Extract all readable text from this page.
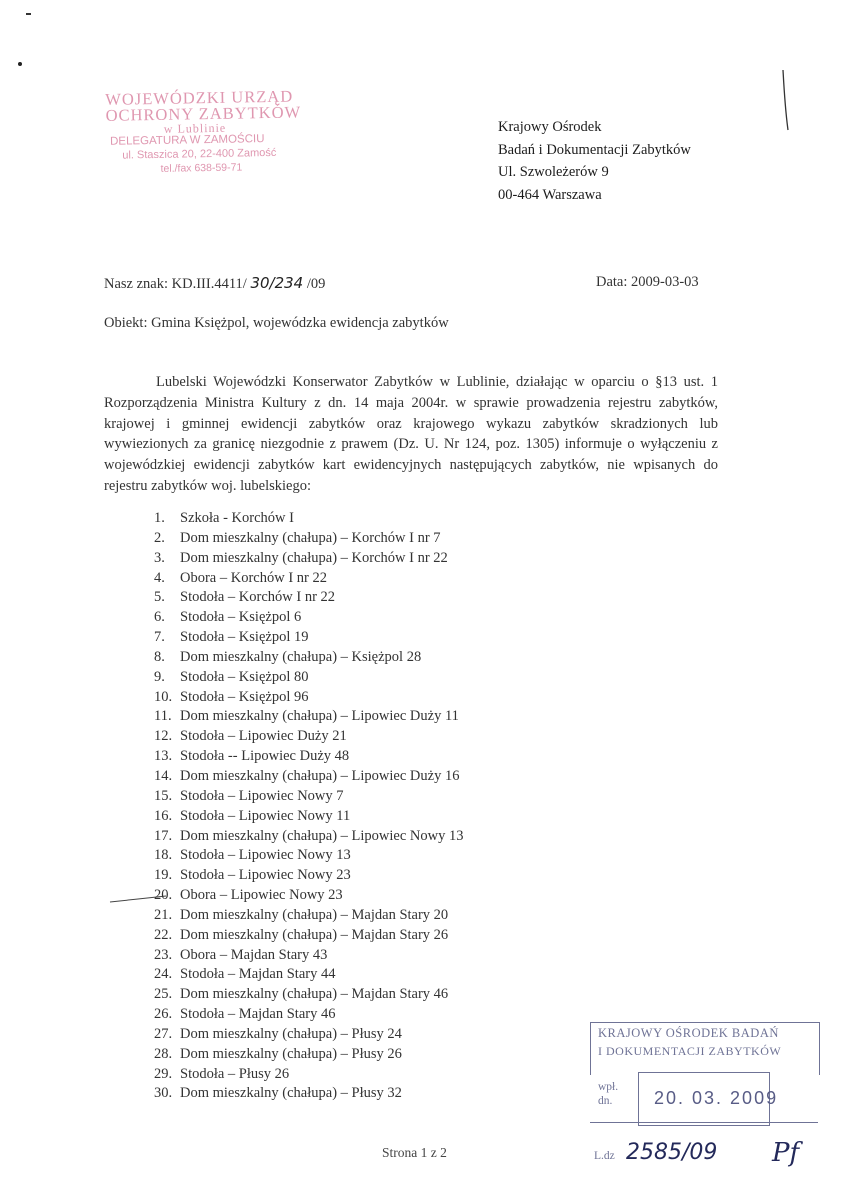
WOJEWÓDZKI URZĄD
OCHRONY ZABYTKÓW
w Lublinie
DELEGATURA W ZAMOŚCIU
ul. Staszica 20, 22-400 Zamość
tel./fax 638-59-71
Krajowy Ośrodek
Badań i Dokumentacji Zabytków
Ul. Szwoleżerów 9
00-464 Warszawa
Nasz znak: KD.III.4411/ 30/234 /09	Data: 2009-03-03
Obiekt: Gmina Księżpol, wojewódzka ewidencja zabytków
Lubelski Wojewódzki Konserwator Zabytków w Lublinie, działając w oparciu o §13 ust. 1 Rozporządzenia Ministra Kultury z dn. 14 maja 2004r. w sprawie prowadzenia rejestru zabytków, krajowej i gminnej ewidencji zabytków oraz krajowego wykazu zabytków skradzionych lub wywiezionych za granicę niezgodnie z prawem (Dz. U. Nr 124, poz. 1305) informuje o wyłączeniu z wojewódzkiej ewidencji zabytków kart ewidencyjnych następujących zabytków, nie wpisanych do rejestru zabytków woj. lubelskiego:
1. Szkoła - Korchów I
2. Dom mieszkalny (chałupa) – Korchów I nr 7
3. Dom mieszkalny (chałupa) – Korchów I nr 22
4. Obora – Korchów I nr 22
5. Stodoła – Korchów I nr 22
6. Stodoła – Księżpol 6
7. Stodoła – Księżpol 19
8. Dom mieszkalny (chałupa) – Księżpol 28
9. Stodoła – Księżpol 80
10. Stodoła – Księżpol 96
11. Dom mieszkalny (chałupa) – Lipowiec Duży 11
12. Stodoła – Lipowiec Duży 21
13. Stodoła -- Lipowiec Duży 48
14. Dom mieszkalny (chałupa) – Lipowiec Duży 16
15. Stodoła – Lipowiec Nowy 7
16. Stodoła – Lipowiec Nowy 11
17. Dom mieszkalny (chałupa) – Lipowiec Nowy 13
18. Stodoła – Lipowiec Nowy 13
19. Stodoła – Lipowiec Nowy 23
20. Obora – Lipowiec Nowy 23
21. Dom mieszkalny (chałupa) – Majdan Stary 20
22. Dom mieszkalny (chałupa) – Majdan Stary 26
23. Obora – Majdan Stary 43
24. Stodoła – Majdan Stary 44
25. Dom mieszkalny (chałupa) – Majdan Stary 46
26. Stodoła – Majdan Stary 46
27. Dom mieszkalny (chałupa) – Płusy 24
28. Dom mieszkalny (chałupa) – Płusy 26
29. Stodoła – Płusy 26
30. Dom mieszkalny (chałupa) – Płusy 32
Strona 1 z 2
KRAJOWY OŚRODEK BADAŃ
I DOKUMENTACJI ZABYTKÓW
wpł.
dn.	20. 03. 2009
L.dz 2585/09 Pf
